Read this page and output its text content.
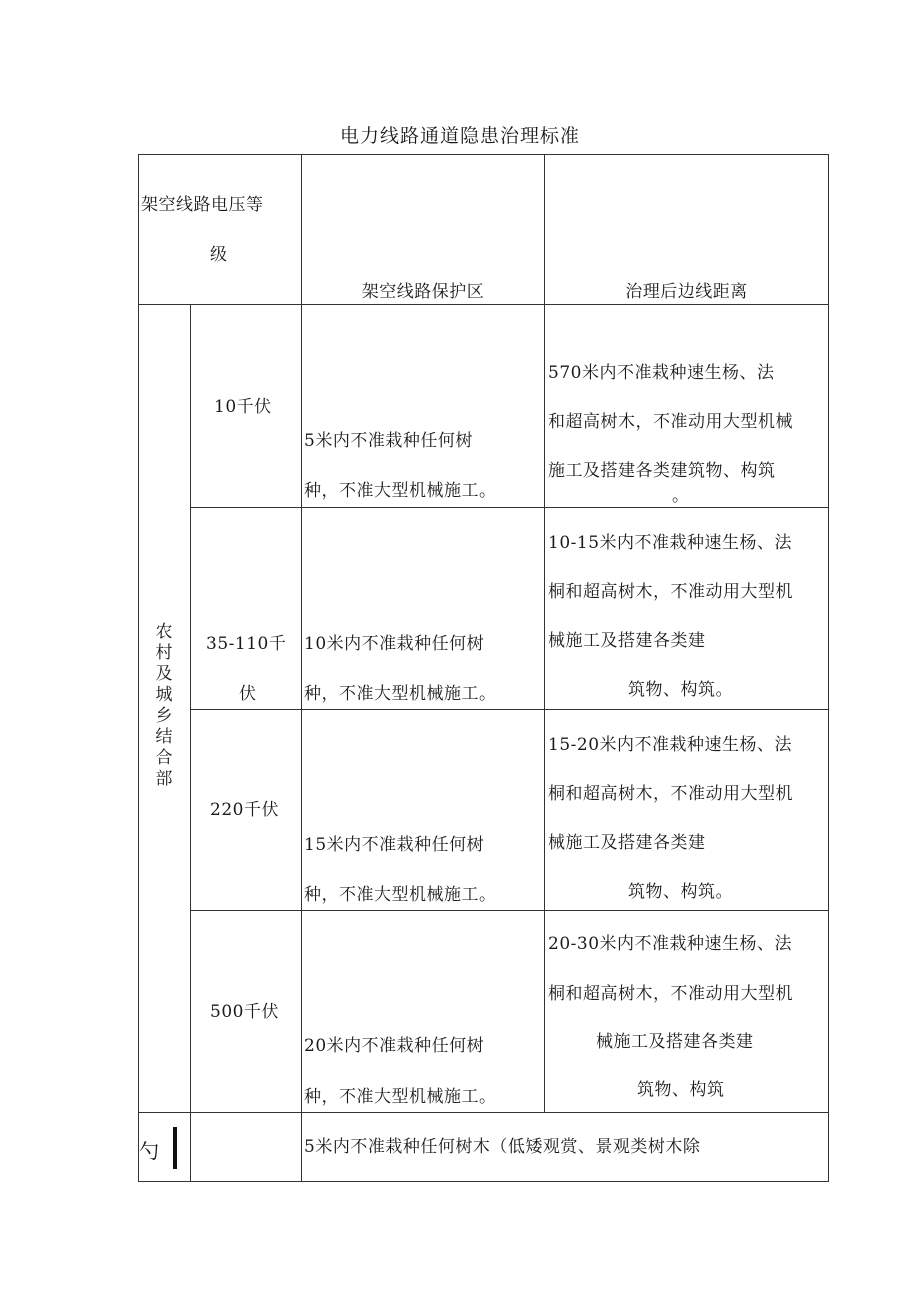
电力线路通道隐患治理标准
架空线路电压等
级
架空线路保护区	治理后边线距离
农
村
及
城
乡
结
合
部
10千伏
5米内不准栽种任何树
种，不准大型机械施工。
570米内不准栽种速生杨、法
和超高树木，不准动用大型机械
施工及搭建各类建筑物、构筑
。
35-110千
伏
10米内不准栽种任何树
种，不准大型机械施工。
10-15米内不准栽种速生杨、法
桐和超高树木，不准动用大型机
械施工及搭建各类建
筑物、构筑。
220千伏
15米内不准栽种任何树
种，不准大型机械施工。
15-20米内不准栽种速生杨、法
桐和超高树木，不准动用大型机
械施工及搭建各类建
筑物、构筑。
500千伏
20米内不准栽种任何树
种，不准大型机械施工。
20-30米内不准栽种速生杨、法
桐和超高树木，不准动用大型机
械施工及搭建各类建
筑物、构筑
勺	5米内不准栽种任何树木（低矮观赏、景观类树木除
